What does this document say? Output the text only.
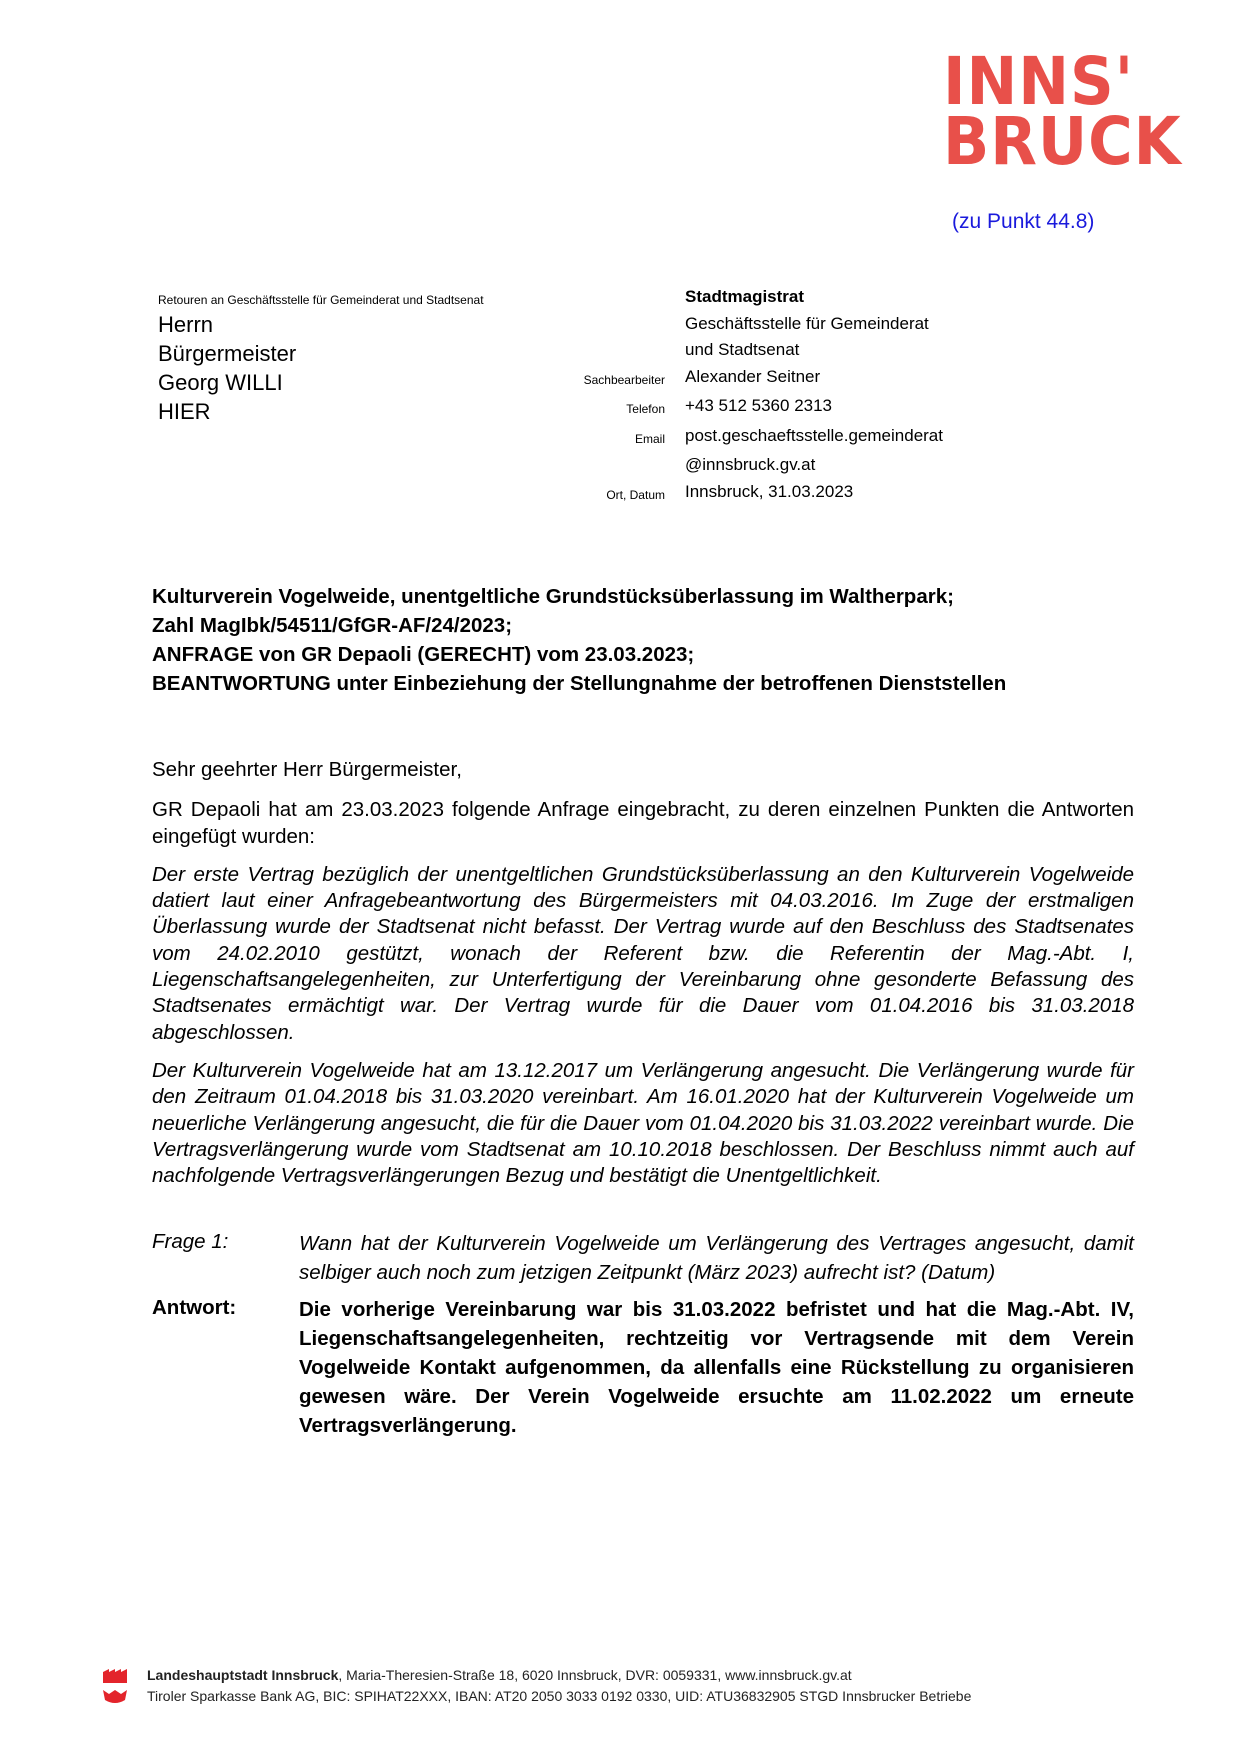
INNS'
BRUCK
(zu Punkt 44.8)
Retouren an Geschäftsstelle für Gemeinderat und Stadtsenat
Herrn
Bürgermeister
Georg WILLI
HIER
Stadtmagistrat
Geschäftsstelle für Gemeinderat
und Stadtsenat
Sachbearbeiter	Alexander Seitner
Telefon	+43 512 5360 2313
Email	post.geschaeftsstelle.gemeinderat
@innsbruck.gv.at
Ort, Datum	Innsbruck, 31.03.2023
Kulturverein Vogelweide, unentgeltliche Grundstücksüberlassung im Waltherpark;
Zahl MagIbk/54511/GfGR-AF/24/2023;
ANFRAGE von GR Depaoli (GERECHT) vom 23.03.2023;
BEANTWORTUNG unter Einbeziehung der Stellungnahme der betroffenen Dienststellen

Sehr geehrter Herr Bürgermeister,

GR Depaoli hat am 23.03.2023 folgende Anfrage eingebracht, zu deren einzelnen Punkten die Antworten eingefügt wurden:

Der erste Vertrag bezüglich der unentgeltlichen Grundstücksüberlassung an den Kulturverein Vogelweide datiert laut einer Anfragebeantwortung des Bürgermeisters mit 04.03.2016. Im Zuge der erstmaligen Überlassung wurde der Stadtsenat nicht befasst. Der Vertrag wurde auf den Beschluss des Stadtsenates vom 24.02.2010 gestützt, wonach der Referent bzw. die Referentin der Mag.-Abt. I, Liegenschaftsangelegenheiten, zur Unterfertigung der Vereinbarung ohne gesonderte Befassung des Stadtsenates ermächtigt war. Der Vertrag wurde für die Dauer vom 01.04.2016 bis 31.03.2018 abgeschlossen.

Der Kulturverein Vogelweide hat am 13.12.2017 um Verlängerung angesucht. Die Verlängerung wurde für den Zeitraum 01.04.2018 bis 31.03.2020 vereinbart. Am 16.01.2020 hat der Kulturverein Vogelweide um neuerliche Verlängerung angesucht, die für die Dauer vom 01.04.2020 bis 31.03.2022 vereinbart wurde. Die Vertragsverlängerung wurde vom Stadtsenat am 10.10.2018 beschlossen. Der Beschluss nimmt auch auf nachfolgende Vertragsverlängerungen Bezug und bestätigt die Unentgeltlichkeit.

Frage 1:	Wann hat der Kulturverein Vogelweide um Verlängerung des Vertrages angesucht, damit selbiger auch noch zum jetzigen Zeitpunkt (März 2023) aufrecht ist? (Datum)
Antwort:	Die vorherige Vereinbarung war bis 31.03.2022 befristet und hat die Mag.-Abt. IV, Liegenschaftsangelegenheiten, rechtzeitig vor Vertragsende mit dem Verein Vogelweide Kontakt aufgenommen, da allenfalls eine Rückstellung zu organisieren gewesen wäre. Der Verein Vogelweide ersuchte am 11.02.2022 um erneute Vertragsverlängerung.
Landeshauptstadt Innsbruck, Maria-Theresien-Straße 18, 6020 Innsbruck, DVR: 0059331, www.innsbruck.gv.at
Tiroler Sparkasse Bank AG, BIC: SPIHAT22XXX, IBAN: AT20 2050 3033 0192 0330, UID: ATU36832905 STGD Innsbrucker Betriebe
